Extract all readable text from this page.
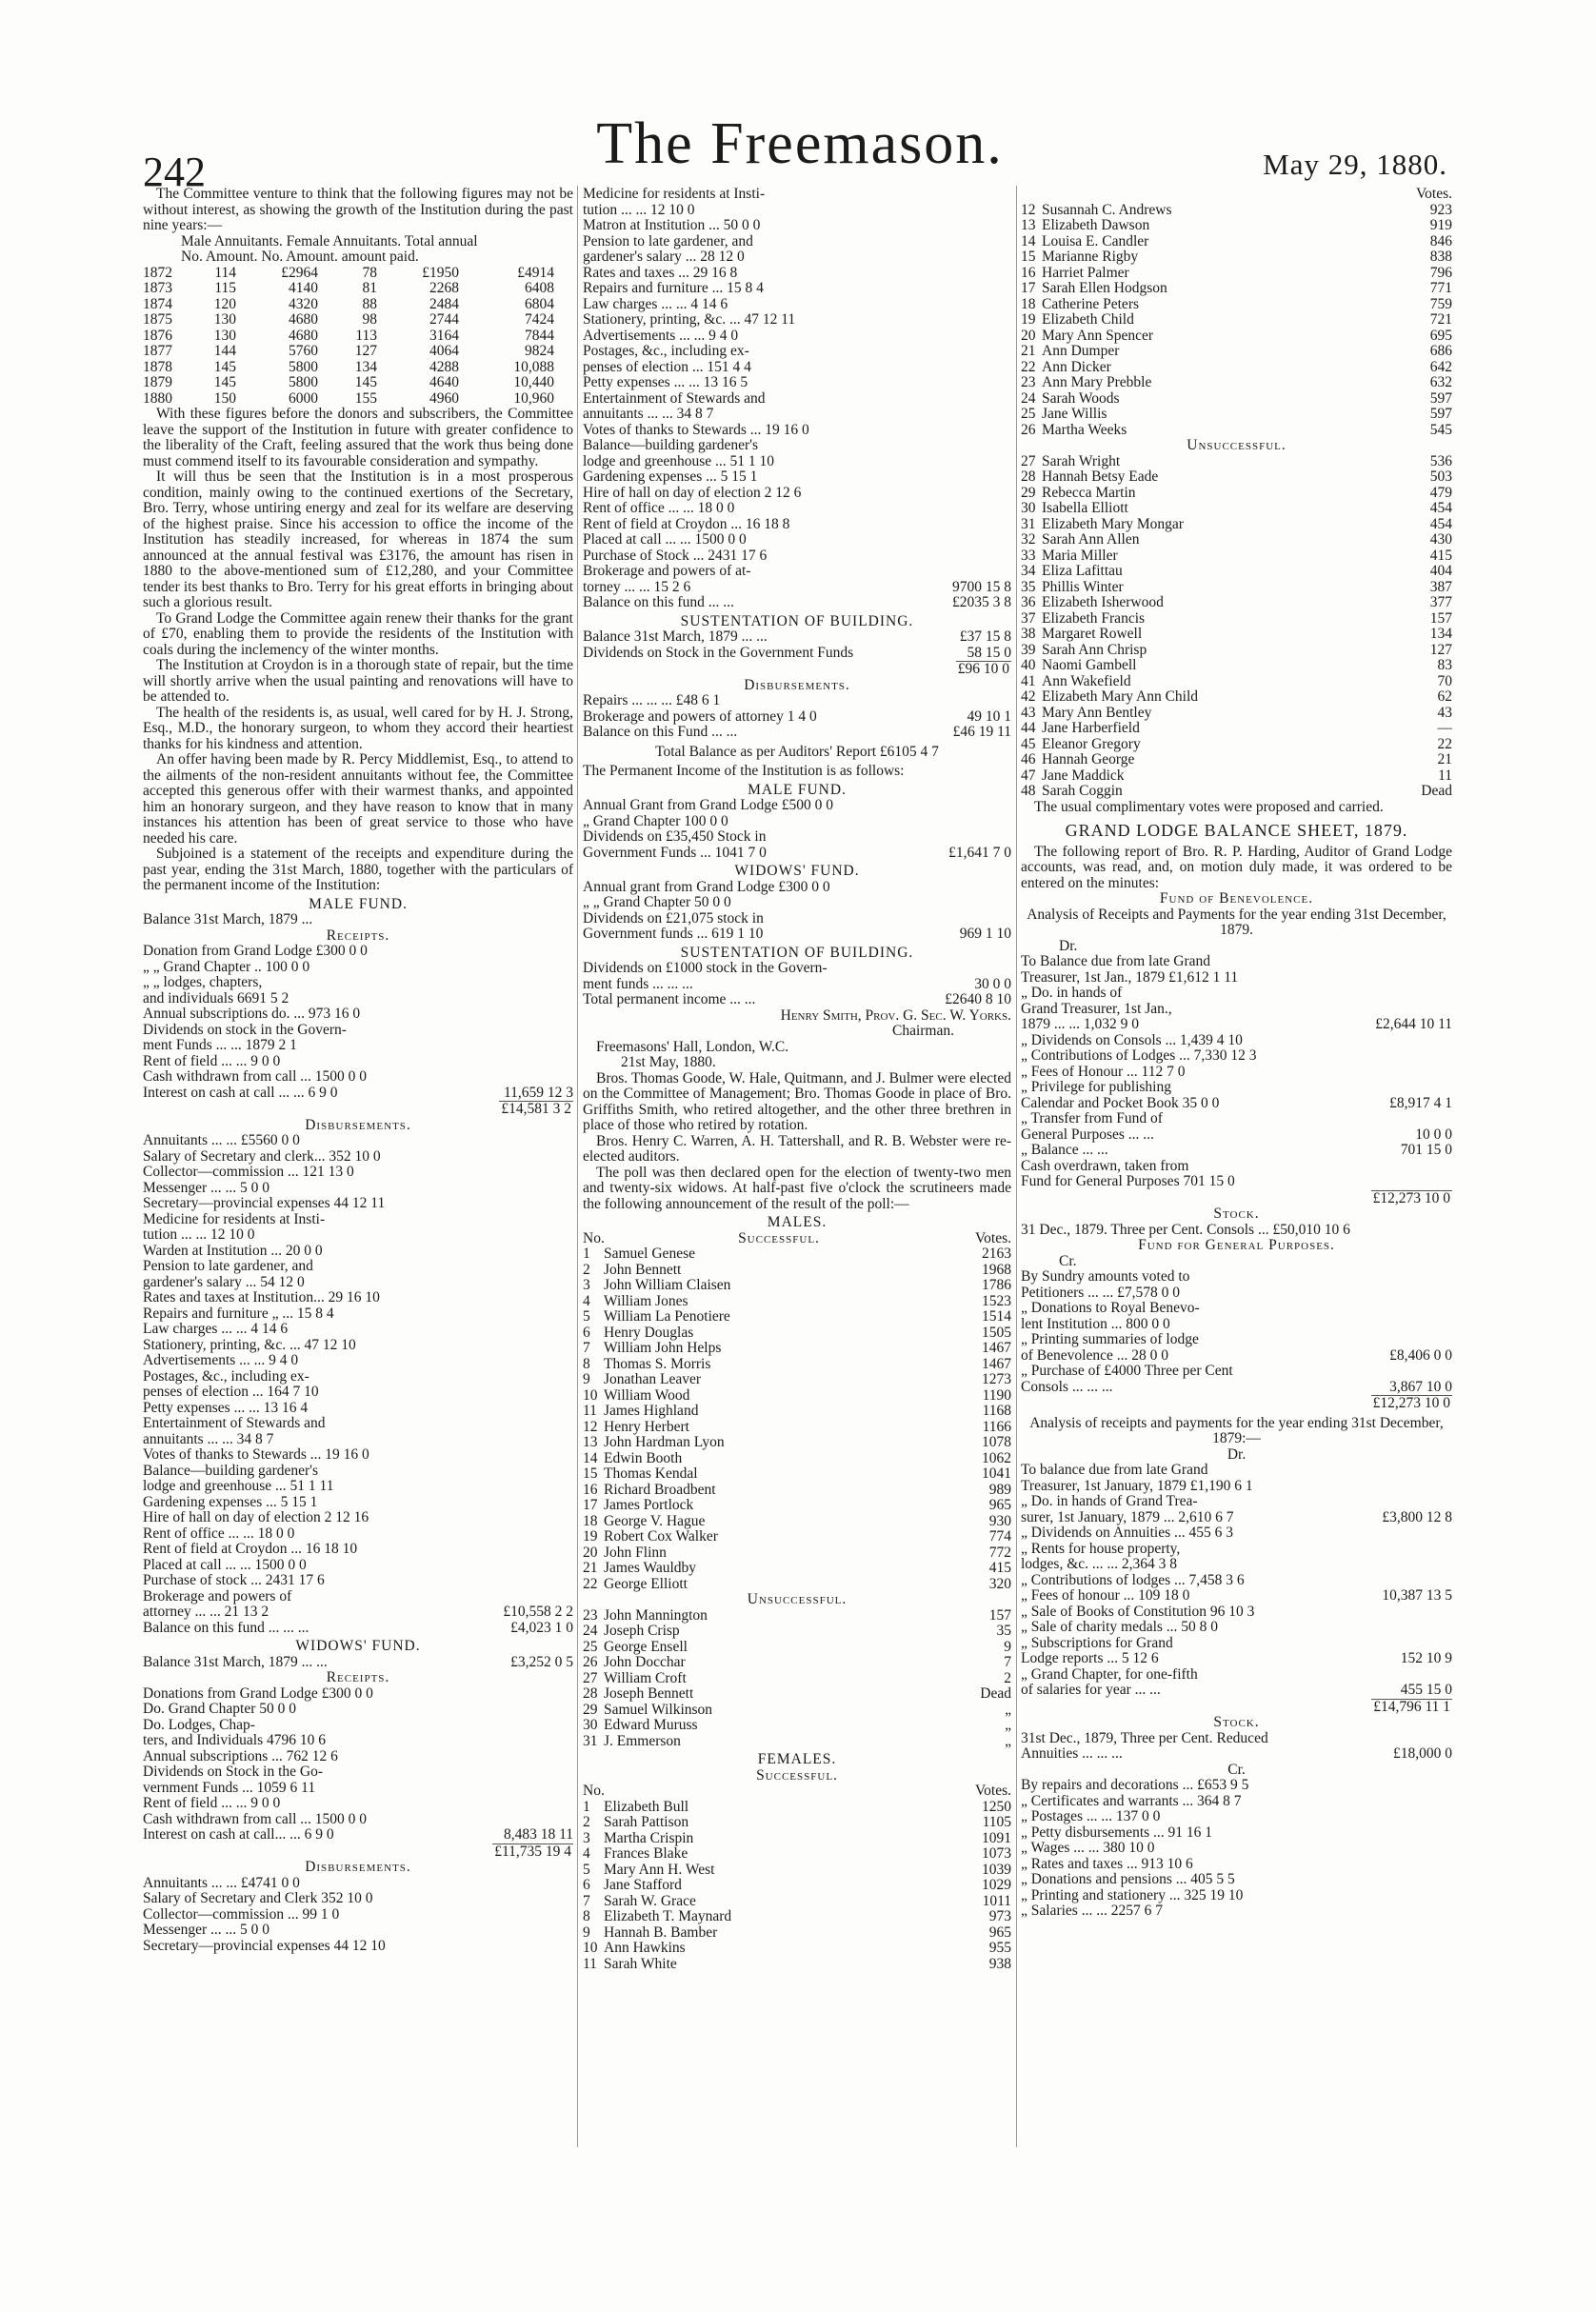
242	The Freemason.	May 29, 1880.

The Committee venture to think that the following figures may not be without interest, as showing the growth of the Institution during the past nine years:—

Male Annuitants. Female Annuitants. Total annual
No. Amount. No. Amount. amount paid.
1872	114	£2964	78	£1950	£4914
1873	115	4140	81	2268	6408
1874	120	4320	88	2484	6804
1875	130	4680	98	2744	7424
1876	130	4680	113	3164	7844
1877	144	5760	127	4064	9824
1878	145	5800	134	4288	10,088
1879	145	5800	145	4640	10,440
1880	150	6000	155	4960	10,960

With these figures before the donors and subscribers, the Committee leave the support of the Institution in future with greater confidence to the liberality of the Craft, feeling assured that the work thus being done must commend itself to its favourable consideration and sympathy.

It will thus be seen that the Institution is in a most prosperous condition, mainly owing to the continued exertions of the Secretary, Bro. Terry, whose untiring energy and zeal for its welfare are deserving of the highest praise. Since his accession to office the income of the Institution has steadily increased, for whereas in 1874 the sum announced at the annual festival was £3176, the amount has risen in 1880 to the above-mentioned sum of £12,280, and your Committee tender its best thanks to Bro. Terry for his great efforts in bringing about such a glorious result.

To Grand Lodge the Committee again renew their thanks for the grant of £70, enabling them to provide the residents of the Institution with coals during the inclemency of the winter months.

The Institution at Croydon is in a thorough state of repair, but the time will shortly arrive when the usual painting and renovations will have to be attended to.

The health of the residents is, as usual, well cared for by H. J. Strong, Esq., M.D., the honorary surgeon, to whom they accord their heartiest thanks for his kindness and attention.

An offer having been made by R. Percy Middlemist, Esq., to attend to the ailments of the non-resident annuitants without fee, the Committee accepted this generous offer with their warmest thanks, and appointed him an honorary surgeon, and they have reason to know that in many instances his attention has been of great service to those who have needed his care.

Subjoined is a statement of the receipts and expenditure during the past year, ending the 31st March, 1880, together with the particulars of the permanent income of the Institution:

MALE FUND.
Balance 31st March, 1879 ...
Receipts.
Donation from Grand Lodge £300 0 0
„ „ Grand Chapter .. 100 0 0
„ „ lodges, chapters,
and individuals 6691 5 2
Annual subscriptions do. ... 973 16 0
Dividends on stock in the Govern-
ment Funds ... ... 1879 2 1
Rent of field ... ... 9 0 0
Cash withdrawn from call ... 1500 0 0
Interest on cash at call ... ... 6 9 0	11,659 12 3
£14,581 3 2
Disbursements.
Annuitants ... ... £5560 0 0
Salary of Secretary and clerk... 352 10 0
Collector—commission ... 121 13 0
Messenger ... ... 5 0 0
Secretary—provincial expenses 44 12 11
Medicine for residents at Insti-
tution ... ... 12 10 0
Warden at Institution ... 20 0 0
Pension to late gardener, and
gardener's salary ... 54 12 0
Rates and taxes at Institution... 29 16 10
Repairs and furniture „ ... 15 8 4
Law charges ... ... 4 14 6
Stationery, printing, &c. ... 47 12 10
Advertisements ... ... 9 4 0
Postages, &c., including ex-
penses of election ... 164 7 10
Petty expenses ... ... 13 16 4
Entertainment of Stewards and
annuitants ... ... 34 8 7
Votes of thanks to Stewards ... 19 16 0
Balance—building gardener's
lodge and greenhouse ... 51 1 11
Gardening expenses ... 5 15 1
Hire of hall on day of election 2 12 16
Rent of office ... ... 18 0 0
Rent of field at Croydon ... 16 18 10
Placed at call ... ... 1500 0 0
Purchase of stock ... 2431 17 6
Brokerage and powers of
attorney ... ... 21 13 2	£10,558 2 2
Balance on this fund ... ... ...	£4,023 1 0
WIDOWS' FUND.
Balance 31st March, 1879 ... ...	£3,252 0 5
Receipts.
Donations from Grand Lodge £300 0 0
Do. Grand Chapter 50 0 0
Do. Lodges, Chap-
ters, and Individuals 4796 10 6
Annual subscriptions ... 762 12 6
Dividends on Stock in the Go-
vernment Funds ... 1059 6 11
Rent of field ... ... 9 0 0
Cash withdrawn from call ... 1500 0 0
Interest on cash at call... ... 6 9 0	8,483 18 11
£11,735 19 4
Disbursements.
Annuitants ... ... £4741 0 0
Salary of Secretary and Clerk 352 10 0
Collector—commission ... 99 1 0
Messenger ... ... 5 0 0
Secretary—provincial expenses 44 12 10
Medicine for residents at Insti-
tution ... ... 12 10 0
Matron at Institution ... 50 0 0
Pension to late gardener, and
gardener's salary ... 28 12 0
Rates and taxes ... 29 16 8
Repairs and furniture ... 15 8 4
Law charges ... ... 4 14 6
Stationery, printing, &c. ... 47 12 11
Advertisements ... ... 9 4 0
Postages, &c., including ex-
penses of election ... 151 4 4
Petty expenses ... ... 13 16 5
Entertainment of Stewards and
annuitants ... ... 34 8 7
Votes of thanks to Stewards ... 19 16 0
Balance—building gardener's
lodge and greenhouse ... 51 1 10
Gardening expenses ... 5 15 1
Hire of hall on day of election 2 12 6
Rent of office ... ... 18 0 0
Rent of field at Croydon ... 16 18 8
Placed at call ... ... 1500 0 0
Purchase of Stock ... 2431 17 6
Brokerage and powers of at-
torney ... ... 15 2 6	9700 15 8
Balance on this fund ... ...	£2035 3 8
SUSTENTATION OF BUILDING.
Balance 31st March, 1879 ... ...	£37 15 8
Dividends on Stock in the Government Funds	58 15 0
£96 10 0
Disbursements.
Repairs ... ... ... £48 6 1
Brokerage and powers of attorney 1 4 0	49 10 1
Balance on this Fund ... ...	£46 19 11
Total Balance as per Auditors' Report £6105 4 7

The Permanent Income of the Institution is as follows:

MALE FUND.
Annual Grant from Grand Lodge £500 0 0
„ Grand Chapter 100 0 0
Dividends on £35,450 Stock in
Government Funds ... 1041 7 0	£1,641 7 0
WIDOWS' FUND.
Annual grant from Grand Lodge £300 0 0
„ „ Grand Chapter 50 0 0
Dividends on £21,075 stock in
Government funds ... 619 1 10	969 1 10
SUSTENTATION OF BUILDING.
Dividends on £1000 stock in the Govern-
ment funds ... ... ...	30 0 0
Total permanent income ... ...	£2640 8 10
Henry Smith, Prov. G. Sec. W. Yorks.
Chairman.
Freemasons' Hall, London, W.C.
21st May, 1880.

Bros. Thomas Goode, W. Hale, Quitmann, and J. Bulmer were elected on the Committee of Management; Bro. Thomas Goode in place of Bro. Griffiths Smith, who retired altogether, and the other three brethren in place of those who retired by rotation.

Bros. Henry C. Warren, A. H. Tattershall, and R. B. Webster were re-elected auditors.

The poll was then declared open for the election of twenty-two men and twenty-six widows. At half-past five o'clock the scrutineers made the following announcement of the result of the poll:—

MALES.
No.	Successful.	Votes.
1 Samuel Genese	2163
2 John Bennett	1968
3 John William Claisen	1786
4 William Jones	1523
5 William La Penotiere	1514
6 Henry Douglas	1505
7 William John Helps	1467
8 Thomas S. Morris	1467
9 Jonathan Leaver	1273
10 William Wood	1190
11 James Highland	1168
12 Henry Herbert	1166
13 John Hardman Lyon	1078
14 Edwin Booth	1062
15 Thomas Kendal	1041
16 Richard Broadbent	989
17 James Portlock	965
18 George V. Hague	930
19 Robert Cox Walker	774
20 John Flinn	772
21 James Wauldby	415
22 George Elliott	320
Unsuccessful.
23 John Mannington	157
24 Joseph Crisp	35
25 George Ensell	9
26 John Docchar	7
27 William Croft	2
28 Joseph Bennett	Dead
29 Samuel Wilkinson	„
30 Edward Muruss	„
31 J. Emmerson	„
FEMALES.
Successful.
No.	Votes.
1 Elizabeth Bull	1250
2 Sarah Pattison	1105
3 Martha Crispin	1091
4 Frances Blake	1073
5 Mary Ann H. West	1039
6 Jane Stafford	1029
7 Sarah W. Grace	1011
8 Elizabeth T. Maynard	973
9 Hannah B. Bamber	965
10 Ann Hawkins	955
11 Sarah White	938
Votes.
12 Susannah C. Andrews	923
13 Elizabeth Dawson	919
14 Louisa E. Candler	846
15 Marianne Rigby	838
16 Harriet Palmer	796
17 Sarah Ellen Hodgson	771
18 Catherine Peters	759
19 Elizabeth Child	721
20 Mary Ann Spencer	695
21 Ann Dumper	686
22 Ann Dicker	642
23 Ann Mary Prebble	632
24 Sarah Woods	597
25 Jane Willis	597
26 Martha Weeks	545
Unsuccessful.
27 Sarah Wright	536
28 Hannah Betsy Eade	503
29 Rebecca Martin	479
30 Isabella Elliott	454
31 Elizabeth Mary Mongar	454
32 Sarah Ann Allen	430
33 Maria Miller	415
34 Eliza Lafittau	404
35 Phillis Winter	387
36 Elizabeth Isherwood	377
37 Elizabeth Francis	157
38 Margaret Rowell	134
39 Sarah Ann Chrisp	127
40 Naomi Gambell	83
41 Ann Wakefield	70
42 Elizabeth Mary Ann Child	62
43 Mary Ann Bentley	43
44 Jane Harberfield	—
45 Eleanor Gregory	22
46 Hannah George	21
47 Jane Maddick	11
48 Sarah Coggin	Dead

The usual complimentary votes were proposed and carried.

GRAND LODGE BALANCE SHEET, 1879.

The following report of Bro. R. P. Harding, Auditor of Grand Lodge accounts, was read, and, on motion duly made, it was ordered to be entered on the minutes:

Fund of Benevolence.
Analysis of Receipts and Payments for the year ending 31st December, 1879.
Dr.
To Balance due from late Grand
Treasurer, 1st Jan., 1879 £1,612 1 11
„ Do. in hands of
Grand Treasurer, 1st Jan.,
1879 ... ... 1,032 9 0	£2,644 10 11
„ Dividends on Consols ... 1,439 4 10
„ Contributions of Lodges ... 7,330 12 3
„ Fees of Honour ... 112 7 0
„ Privilege for publishing
Calendar and Pocket Book 35 0 0	£8,917 4 1
„ Transfer from Fund of
General Purposes ... ...	10 0 0
„ Balance ... ...	701 15 0
Cash overdrawn, taken from
Fund for General Purposes 701 15 0
£12,273 10 0
Stock.
31 Dec., 1879. Three per Cent. Consols ... £50,010 10 6
Fund for General Purposes.
Cr.
By Sundry amounts voted to
Petitioners ... ... £7,578 0 0
„ Donations to Royal Benevo-
lent Institution ... 800 0 0
„ Printing summaries of lodge
of Benevolence ... 28 0 0	£8,406 0 0
„ Purchase of £4000 Three per Cent
Consols ... ... ...	3,867 10 0
£12,273 10 0
Analysis of receipts and payments for the year ending 31st December, 1879:—
Dr.
To balance due from late Grand
Treasurer, 1st January, 1879 £1,190 6 1
„ Do. in hands of Grand Trea-
surer, 1st January, 1879 ... 2,610 6 7	£3,800 12 8
„ Dividends on Annuities ... 455 6 3
„ Rents for house property,
lodges, &c. ... ... 2,364 3 8
„ Contributions of lodges ... 7,458 3 6
„ Fees of honour ... 109 18 0	10,387 13 5
„ Sale of Books of Constitution 96 10 3
„ Sale of charity medals ... 50 8 0
„ Subscriptions for Grand
Lodge reports ... 5 12 6	152 10 9
„ Grand Chapter, for one-fifth
of salaries for year ... ...	455 15 0
£14,796 11 1
Stock.
31st Dec., 1879, Three per Cent. Reduced
Annuities ... ... ...	£18,000 0
Cr.
By repairs and decorations ... £653 9 5
„ Certificates and warrants ... 364 8 7
„ Postages ... ... 137 0 0
„ Petty disbursements ... 91 16 1
„ Wages ... ... 380 10 0
„ Rates and taxes ... 913 10 6
„ Donations and pensions ... 405 5 5
„ Printing and stationery ... 325 19 10
„ Salaries ... ... 2257 6 7
